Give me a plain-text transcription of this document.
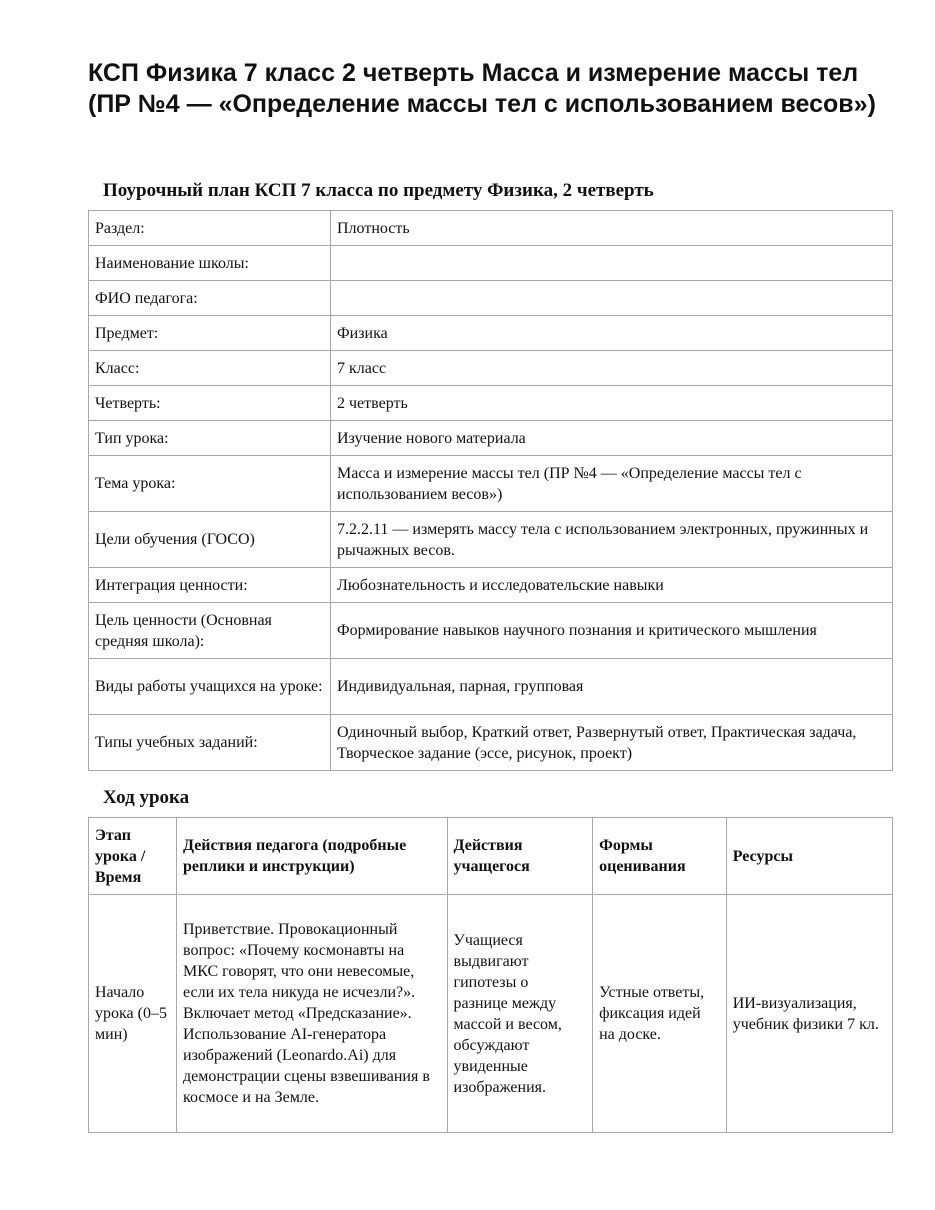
КСП Физика 7 класс 2 четверть Масса и измерение массы тел (ПР №4 — «Определение массы тел с использованием весов»)
Поурочный план КСП 7 класса по предмету Физика, 2 четверть
Раздел:	Плотность
Наименование школы:	
ФИО педагога:	
Предмет:	Физика
Класс:	7 класс
Четверть:	2 четверть
Тип урока:	Изучение нового материала
Тема урока:	Масса и измерение массы тел (ПР №4 — «Определение массы тел с использованием весов»)
Цели обучения (ГОСО)	7.2.2.11 — измерять массу тела с использованием электронных, пружинных и рычажных весов.
Интеграция ценности:	Любознательность и исследовательские навыки
Цель ценности (Основная средняя школа):	Формирование навыков научного познания и критического мышления
Виды работы учащихся на уроке:	Индивидуальная, парная, групповая
Типы учебных заданий:	Одиночный выбор, Краткий ответ, Развернутый ответ, Практическая задача, Творческое задание (эссе, рисунок, проект)
Ход урока
Этап урока / Время	Действия педагога (подробные реплики и инструкции)	Действия учащегося	Формы оценивания	Ресурсы
Начало урока (0–5 мин)	Приветствие. Провокационный вопрос: «Почему космонавты на МКС говорят, что они невесомые, если их тела никуда не исчезли?». Включает метод «Предсказание». Использование AI-генератора изображений (Leonardo.Ai) для демонстрации сцены взвешивания в космосе и на Земле.	Учащиеся выдвигают гипотезы о разнице между массой и весом, обсуждают увиденные изображения.	Устные ответы, фиксация идей на доске.	ИИ-визуализация, учебник физики 7 кл.
